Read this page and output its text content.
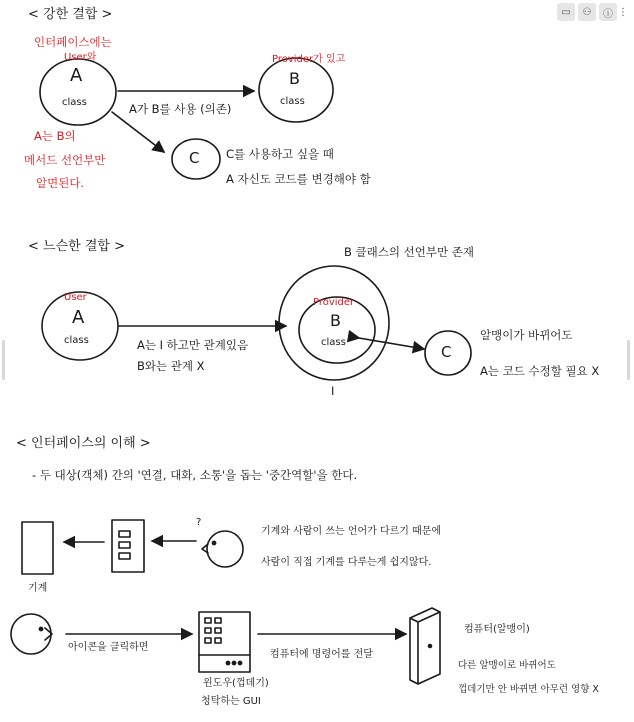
▭	⚇	ⓘ ⋮
< 강한 결합 >
인터페이스에는
User와
A
class
Provider가 있고
B
class
A가 B를 사용 (의존)
A는 B의
메서드 선언부만
알면된다.
C C를 사용하고 싶을 때
A 자신도 코드를 변경해야 함
< 느슨한 결합 >	B 클래스의 선언부만 존재
User
A
class
Provider
B
class
I
A는 I 하고만 관계있음
B와는 관계 X
C
알맹이가 바뀌어도
A는 코드 수정할 필요 X
< 인터페이스의 이해 >
- 두 대상(객체) 간의 '연결, 대화, 소통'을 돕는 '중간역할'을 한다.
기계
?
기계와 사람이 쓰는 언어가 다르기 때문에
사람이 직접 기계를 다루는게 쉽지않다.
아이콘을 클릭하면
윈도우(껍데기)
청탁하는 GUI
컴퓨터에 명령어를 전달
컴퓨터(알맹이)
다른 알맹이로 바뀌어도
껍데기만 안 바뀌면 아무런 영향 X
